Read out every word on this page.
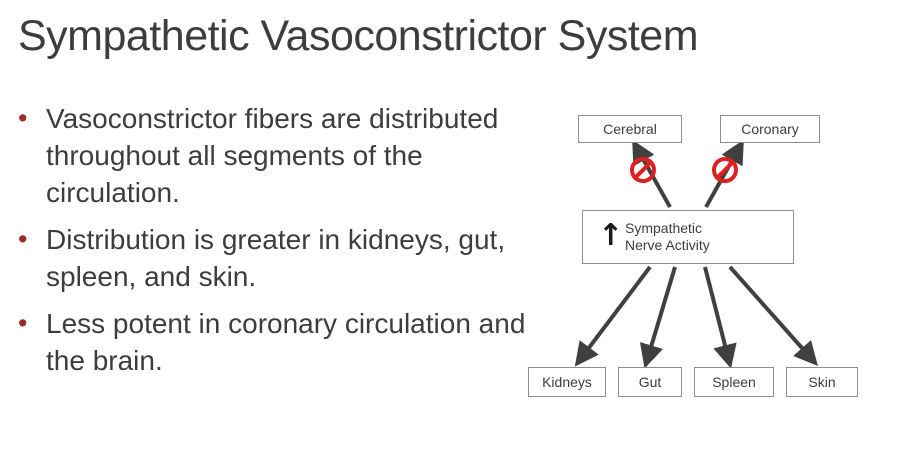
Sympathetic Vasoconstrictor System
• Vasoconstrictor fibers are distributed throughout all segments of the circulation.
• Distribution is greater in kidneys, gut, spleen, and skin.
• Less potent in coronary circulation and the brain.
Cerebral	Coronary
Sympathetic
Nerve Activity
↑
Kidneys	Gut	Spleen	Skin
